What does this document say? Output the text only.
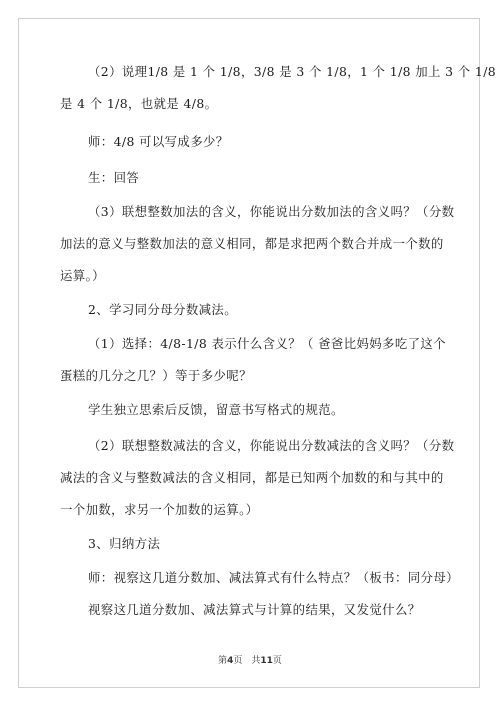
（2）说理1/8 是 1 个 1/8，3/8 是 3 个 1/8，1 个 1/8 加上 3 个 1/8
是 4 个 1/8，也就是 4/8。
师：4/8 可以写成多少？
生：回答
（3）联想整数加法的含义，你能说出分数加法的含义吗？（分数
加法的意义与整数加法的意义相同，都是求把两个数合并成一个数的
运算。）
2、学习同分母分数减法。
（1）选择：4/8-1/8 表示什么含义？（ 爸爸比妈妈多吃了这个
蛋糕的几分之几？）等于多少呢？
学生独立思索后反馈，留意书写格式的规范。
（2）联想整数减法的含义，你能说出分数减法的含义吗？（分数
减法的含义与整数减法的含义相同，都是已知两个加数的和与其中的
一个加数，求另一个加数的运算。）
3、归纳方法
师：视察这几道分数加、减法算式有什么特点？（板书：同分母）
视察这几道分数加、减法算式与计算的结果，又发觉什么？
第4页　共11页
